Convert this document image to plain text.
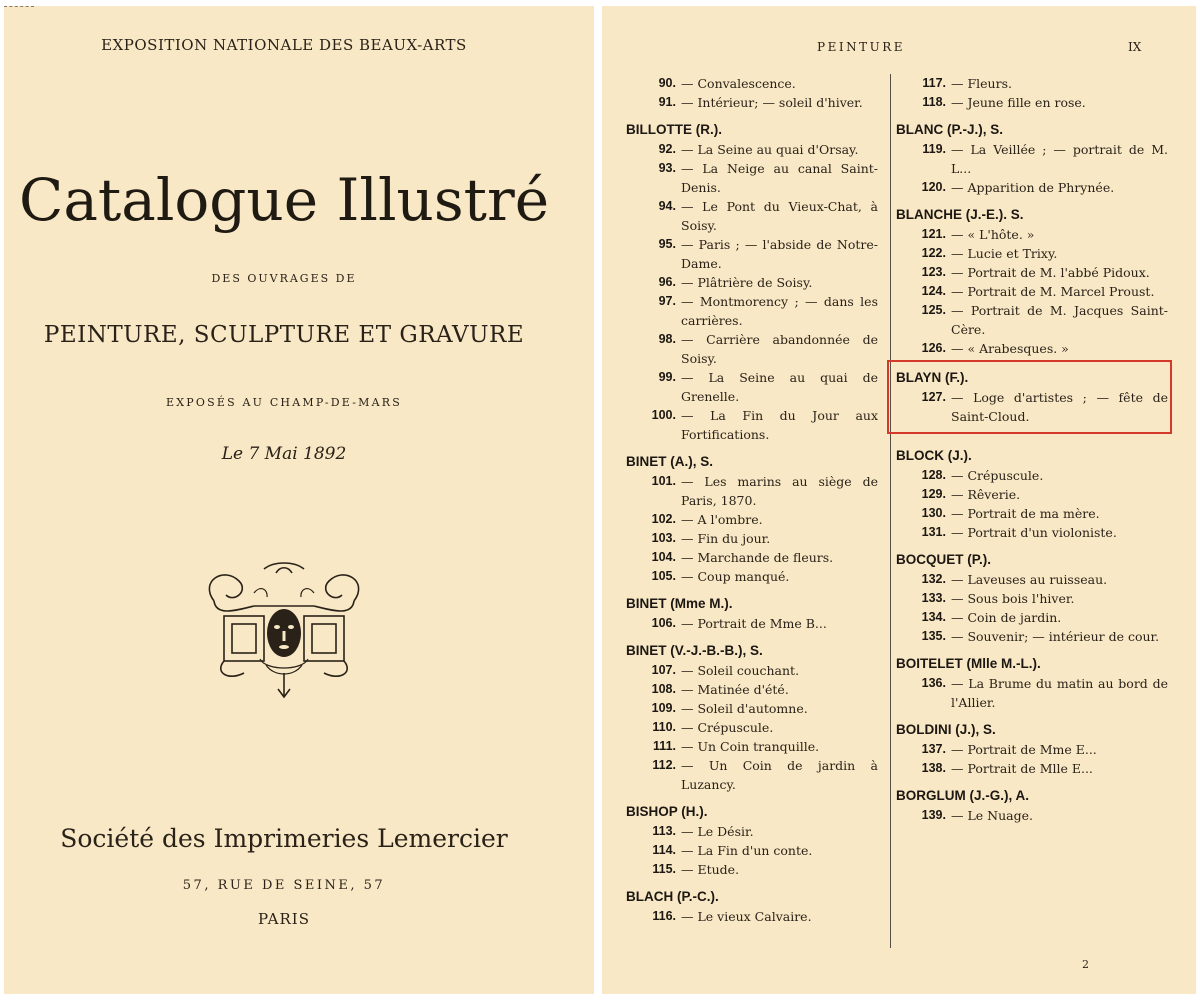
EXPOSITION NATIONALE DES BEAUX-ARTS
Catalogue Illustré
DES OUVRAGES DE
PEINTURE, SCULPTURE ET GRAVURE
EXPOSÉS AU CHAMP-DE-MARS
Le 7 Mai 1892
Société des Imprimeries Lemercier
57, RUE DE SEINE, 57
PARIS
PEINTURE	IX
90. — Convalescence.
91. — Intérieur; — soleil d'hiver.
BILLOTTE (R.).
92. — La Seine au quai d'Orsay.
93. — La Neige au canal Saint-Denis.
94. — Le Pont du Vieux-Chat, à Soisy.
95. — Paris ; — l'abside de Notre-Dame.
96. — Plâtrière de Soisy.
97. — Montmorency ; — dans les carrières.
98. — Carrière abandonnée de Soisy.
99. — La Seine au quai de Grenelle.
100. — La Fin du Jour aux Fortifications.
BINET (A.), S.
101. — Les marins au siège de Paris, 1870.
102. — A l'ombre.
103. — Fin du jour.
104. — Marchande de fleurs.
105. — Coup manqué.
BINET (Mme M.).
106. — Portrait de Mme B...
BINET (V.-J.-B.-B.), S.
107. — Soleil couchant.
108. — Matinée d'été.
109. — Soleil d'automne.
110. — Crépuscule.
111. — Un Coin tranquille.
112. — Un Coin de jardin à Luzancy.
BISHOP (H.).
113. — Le Désir.
114. — La Fin d'un conte.
115. — Etude.
BLACH (P.-C.).
116. — Le vieux Calvaire.
117. — Fleurs.
118. — Jeune fille en rose.
BLANC (P.-J.), S.
119. — La Veillée ; — portrait de M. L...
120. — Apparition de Phrynée.
BLANCHE (J.-E.). S.
121. — « L'hôte. »
122. — Lucie et Trixy.
123. — Portrait de M. l'abbé Pidoux.
124. — Portrait de M. Marcel Proust.
125. — Portrait de M. Jacques Saint-Cère.
126. — « Arabesques. »
BLAYN (F.).
127. — Loge d'artistes ; — fête de Saint-Cloud.
BLOCK (J.).
128. — Crépuscule.
129. — Rêverie.
130. — Portrait de ma mère.
131. — Portrait d'un violoniste.
BOCQUET (P.).
132. — Laveuses au ruisseau.
133. — Sous bois l'hiver.
134. — Coin de jardin.
135. — Souvenir; — intérieur de cour.
BOITELET (Mlle M.-L.).
136. — La Brume du matin au bord de l'Allier.
BOLDINI (J.), S.
137. — Portrait de Mme E...
138. — Portrait de Mlle E...
BORGLUM (J.-G.), A.
139. — Le Nuage.
2
